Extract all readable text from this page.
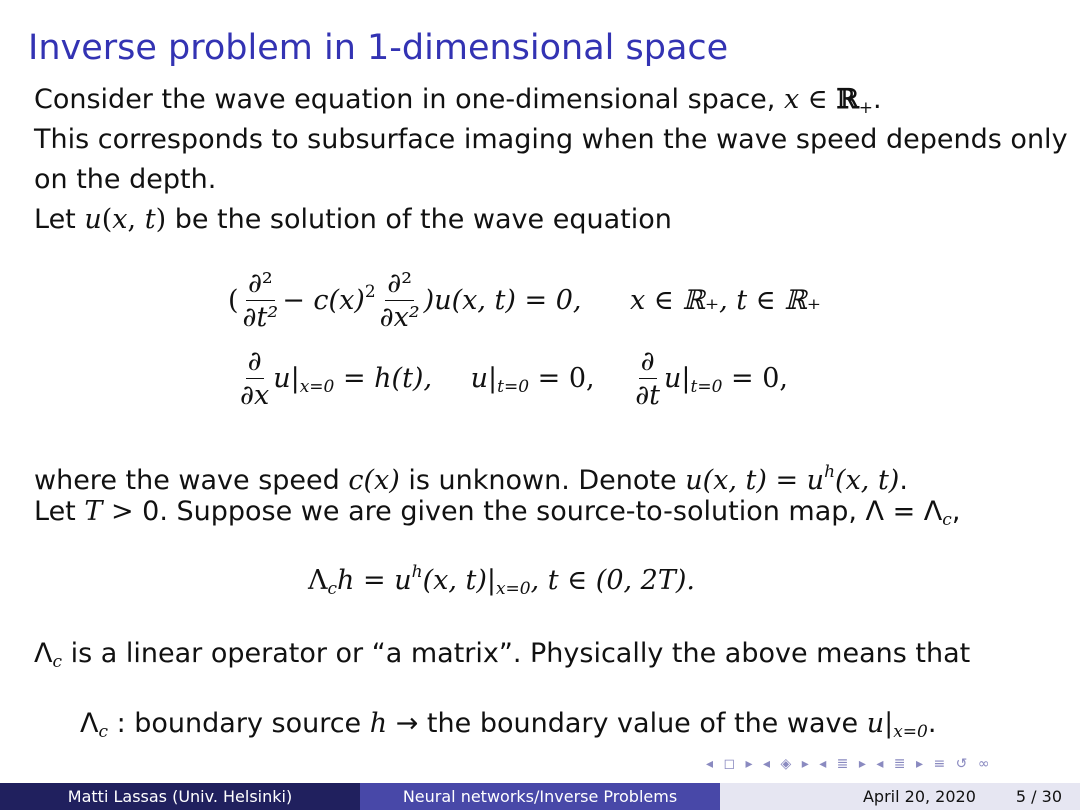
Inverse problem in 1-dimensional space
Consider the wave equation in one-dimensional space, x ∈ ℝ$_+$.
This corresponds to subsurface imaging when the wave speed depends only
on the depth.
Let u(x, t) be the solution of the wave equation
( $\frac{\text{∂²}}{\text{∂t²}} - c(x)^2 \frac{\text{∂²}}{\text{∂x²}} )u(x$, t) = 0, x ∈ ℝ₊, t ∈ ℝ₊
$\frac{\partial}{\partial x} u|_{x=0} = h(t)$, $u|_{t=0} = 0$, $\frac{\partial}{\partial t} u|_{t=0} = 0$,
where the wave speed c(x) is unknown. Denote u(x, $t) = u^h(x$, t).
Let T > 0. Suppose we are given the source-to-solution map, $\Lambda = \Lambda_c$,
$\Lambda_ch = u^h(x$, $t)|_{x=0}$, t ∈ (0, 2T).
$\Lambda_c$ is a linear operator or “a matrix”. Physically the above means that
$\Lambda_c$ : boundary source h → the boundary value of the wave $u|_{x=0}$.
◂ ◻ ▸ ◂ ◈ ▸ ◂ ≣ ▸ ◂ ≣ ▸ ≡ ↺ ∞
Matti Lassas (Univ. Helsinki)	Neural networks/Inverse Problems	April 20, 2020	5 / 30
